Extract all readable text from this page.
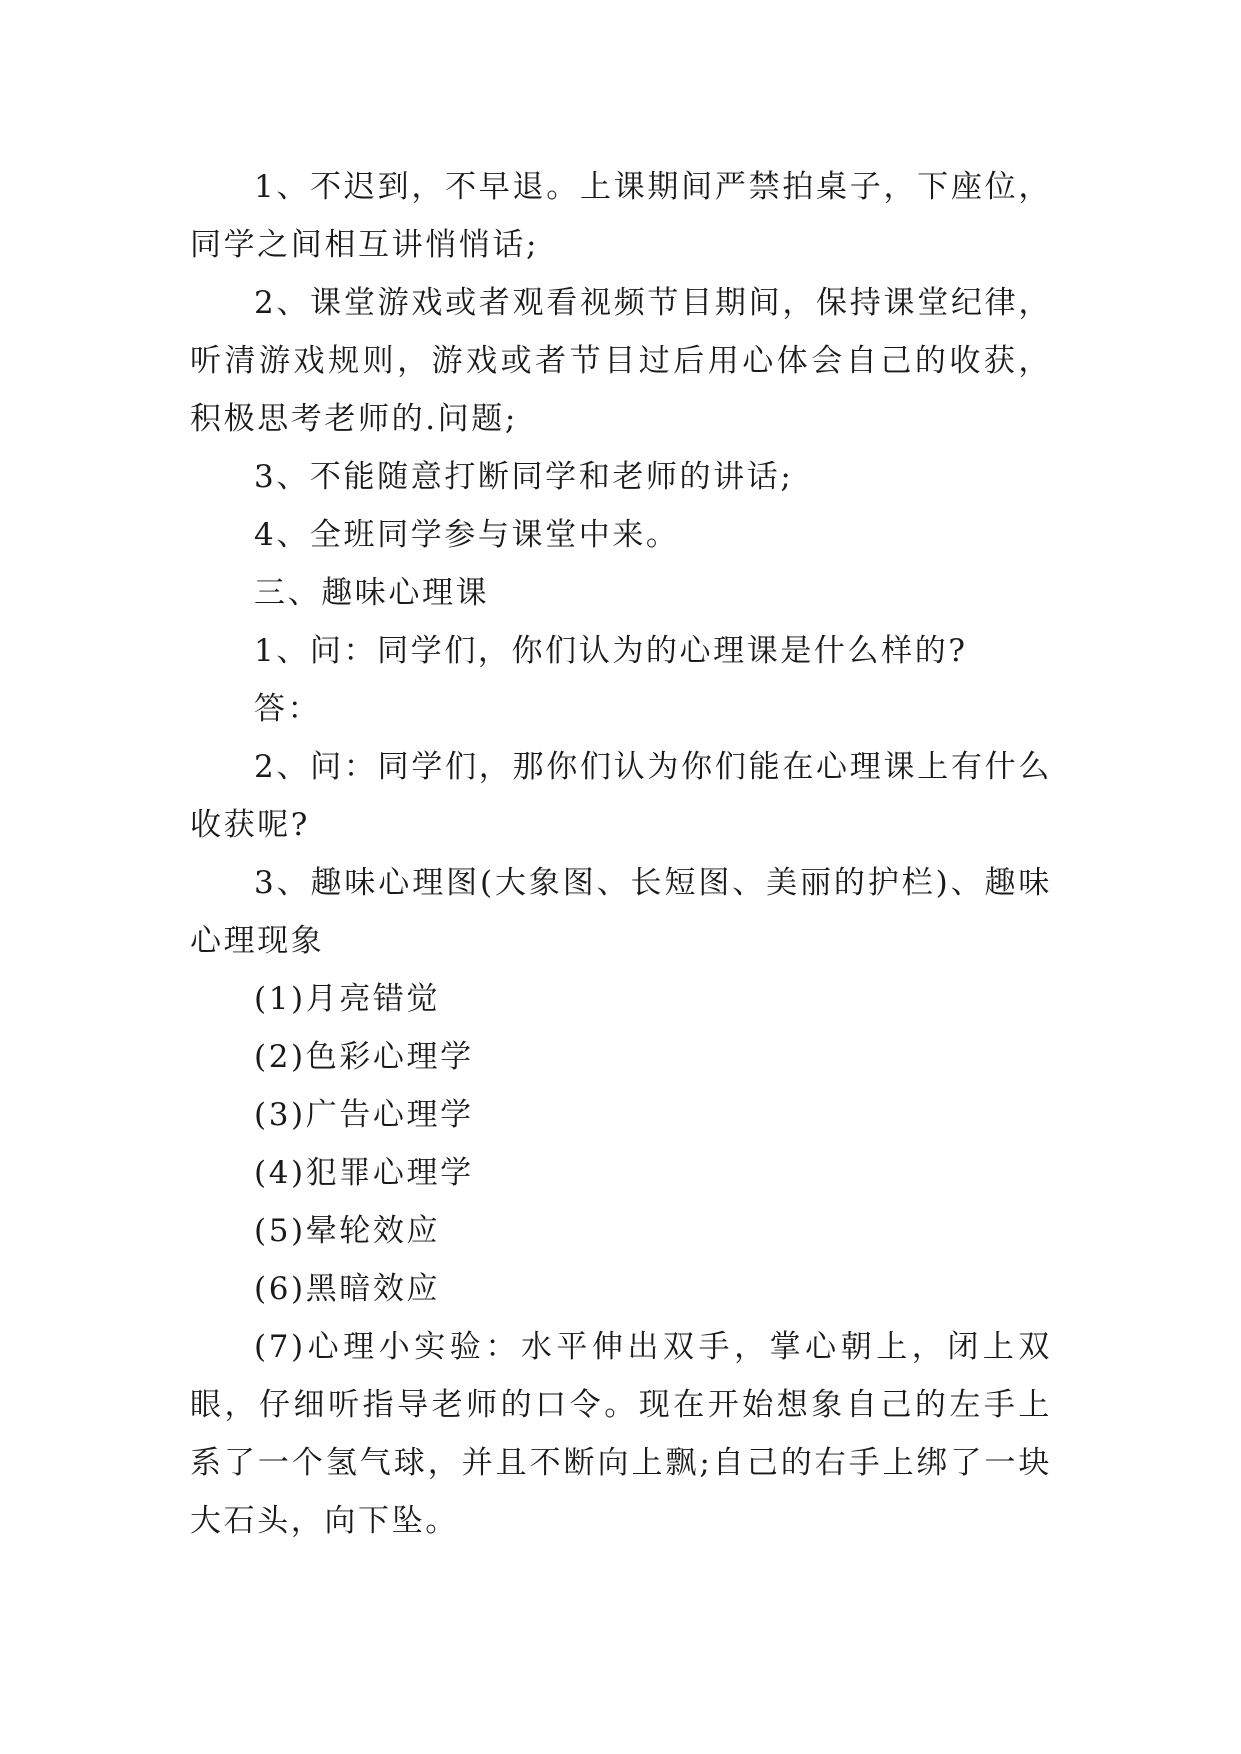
1、不迟到，不早退。上课期间严禁拍桌子，下座位，同学之间相互讲悄悄话;

2、课堂游戏或者观看视频节目期间，保持课堂纪律，听清游戏规则，游戏或者节目过后用心体会自己的收获，积极思考老师的.问题;

3、不能随意打断同学和老师的讲话;

4、全班同学参与课堂中来。

三、趣味心理课

1、问：同学们，你们认为的心理课是什么样的?

答：

2、问：同学们，那你们认为你们能在心理课上有什么收获呢?

3、趣味心理图(大象图、长短图、美丽的护栏)、趣味心理现象

(1)月亮错觉

(2)色彩心理学

(3)广告心理学

(4)犯罪心理学

(5)晕轮效应

(6)黑暗效应

(7)心理小实验：水平伸出双手，掌心朝上，闭上双眼，仔细听指导老师的口令。现在开始想象自己的左手上系了一个氢气球，并且不断向上飘;自己的右手上绑了一块大石头，向下坠。
